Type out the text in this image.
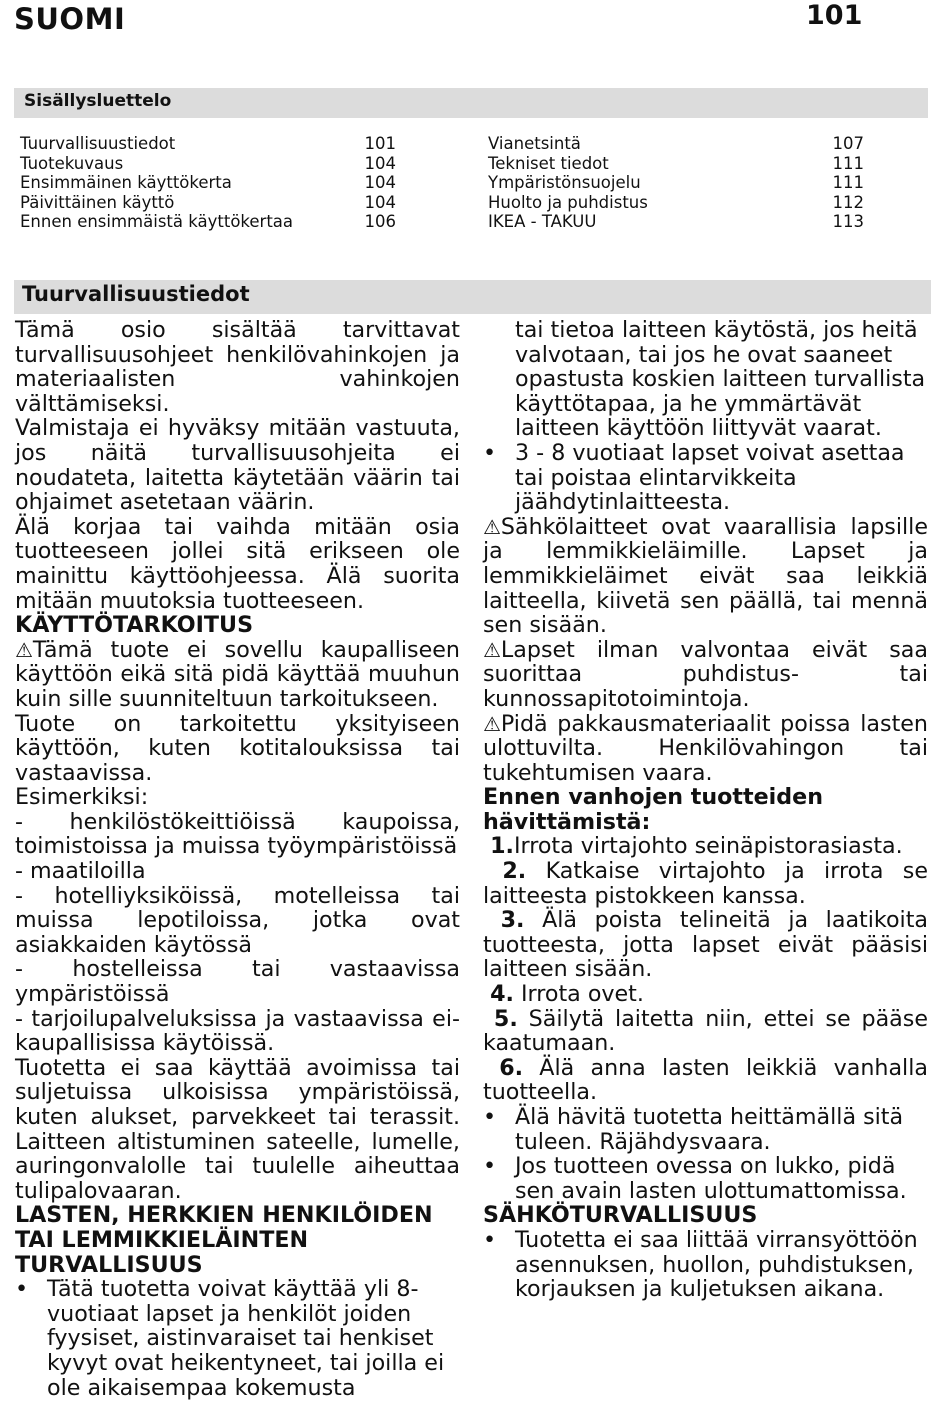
SUOMI	101
Sisällysluettelo
Tuurvallisuustiedot	101
Tuotekuvaus	104
Ensimmäinen käyttökerta	104
Päivittäinen käyttö	104
Ennen ensimmäistä käyttökertaa	106
Vianetsintä	107
Tekniset tiedot	111
Ympäristönsuojelu	111
Huolto ja puhdistus	112
IKEA - TAKUU	113
Tuurvallisuustiedot

Tämä osio sisältää tarvittavat turvallisuusohjeet henkilövahinkojen ja materiaalisten vahinkojen välttämiseksi.

Valmistaja ei hyväksy mitään vastuuta, jos näitä turvallisuusohjeita ei noudateta, laitetta käytetään väärin tai ohjaimet asetetaan väärin.

Älä korjaa tai vaihda mitään osia tuotteeseen jollei sitä erikseen ole mainittu käyttöohjeessa. Älä suorita mitään muutoksia tuotteeseen.

KÄYTTÖTARKOITUS

⚠Tämä tuote ei sovellu kaupalliseen käyttöön eikä sitä pidä käyttää muuhun kuin sille suunniteltuun tarkoitukseen.

Tuote on tarkoitettu yksityiseen käyttöön, kuten kotitalouksissa tai vastaavissa.

Esimerkiksi:

- henkilöstökeittiöissä kaupoissa, toimistoissa ja muissa työympäristöissä

- maatiloilla

- hotelliyksiköissä, motelleissa tai muissa lepotiloissa, jotka ovat asiakkaiden käytössä

- hostelleissa tai vastaavissa ympäristöissä

- tarjoilupalveluksissa ja vastaavissa ei-kaupallisissa käytöissä.

Tuotetta ei saa käyttää avoimissa tai suljetuissa ulkoisissa ympäristöissä, kuten alukset, parvekkeet tai terassit. Laitteen altistuminen sateelle, lumelle, auringonvalolle tai tuulelle aiheuttaa tulipalovaaran.

LASTEN, HERKKIEN HENKILÖIDEN TAI LEMMIKKIELÄINTEN TURVALLISUUS

• Tätä tuotetta voivat käyttää yli 8-vuotiaat lapset ja henkilöt joiden fyysiset, aistinvaraiset tai henkiset kyvyt ovat heikentyneet, tai joilla ei ole aikaisempaa kokemusta

tai tietoa laitteen käytöstä, jos heitä valvotaan, tai jos he ovat saaneet opastusta koskien laitteen turvallista käyttötapaa, ja he ymmärtävät laitteen käyttöön liittyvät vaarat.

• 3 - 8 vuotiaat lapset voivat asettaa tai poistaa elintarvikkeita jäähdytinlaitteesta.

⚠Sähkölaitteet ovat vaarallisia lapsille ja lemmikkieläimille. Lapset ja lemmikkieläimet eivät saa leikkiä laitteella, kiivetä sen päällä, tai mennä sen sisään.

⚠Lapset ilman valvontaa eivät saa suorittaa puhdistus- tai kunnossapitotoimintoja.

⚠Pidä pakkausmateriaalit poissa lasten ulottuvilta. Henkilövahingon tai tukehtumisen vaara.

Ennen vanhojen tuotteiden hävittämistä:

1.Irrota virtajohto seinäpistorasiasta.

2. Katkaise virtajohto ja irrota se laitteesta pistokkeen kanssa.

3. Älä poista telineitä ja laatikoita tuotteesta, jotta lapset eivät pääsisi laitteen sisään.

4. Irrota ovet.

5. Säilytä laitetta niin, ettei se pääse kaatumaan.

6. Älä anna lasten leikkiä vanhalla tuotteella.

• Älä hävitä tuotetta heittämällä sitä tuleen. Räjähdysvaara.

• Jos tuotteen ovessa on lukko, pidä sen avain lasten ulottumattomissa.

SÄHKÖTURVALLISUUS

• Tuotetta ei saa liittää virransyöttöön asennuksen, huollon, puhdistuksen, korjauksen ja kuljetuksen aikana.
